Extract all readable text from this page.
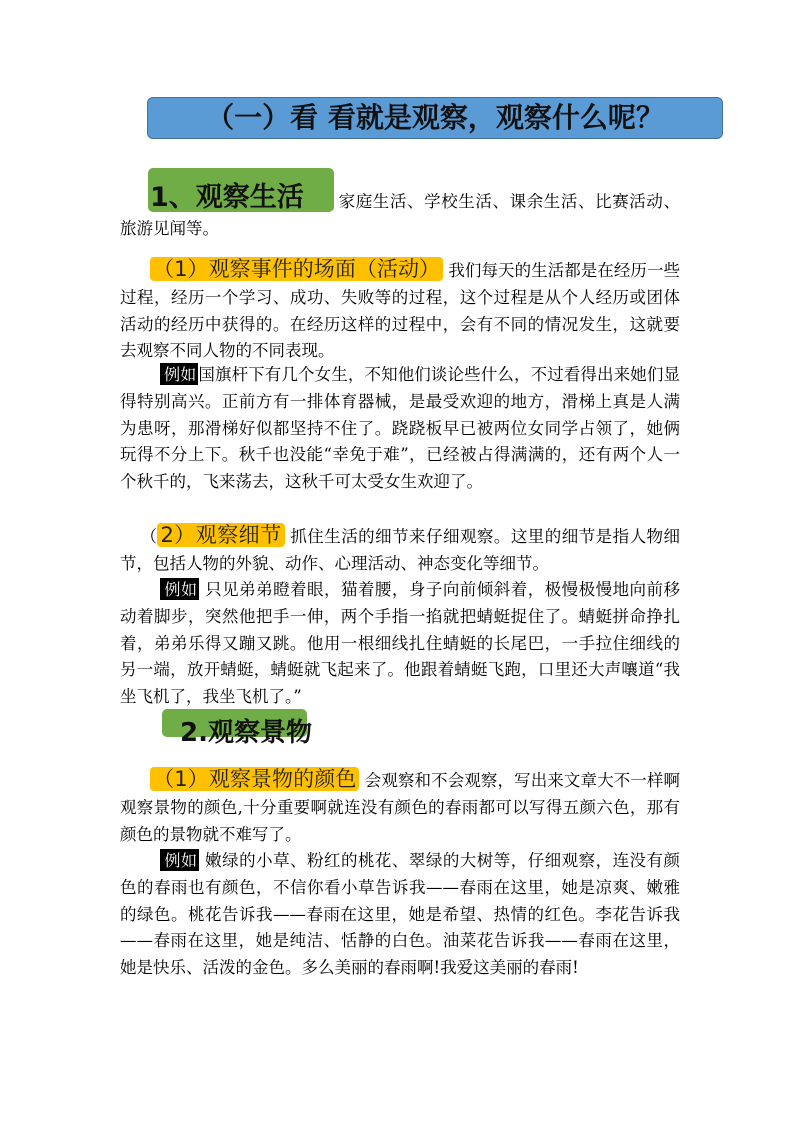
（一）看 看就是观察，观察什么呢？
1、观察生活	家庭生活、学校生活、课余生活、比赛活动、旅游见闻等。
（1）观察事件的场面（活动） 我们每天的生活都是在经历一些过程，经历一个学习、成功、失败等的过程，这个过程是从个人经历或团体活动的经历中获得的。在经历这样的过程中，会有不同的情况发生，这就要去观察不同人物的不同表现。
例如 国旗杆下有几个女生，不知他们谈论些什么，不过看得出来她们显得特别高兴。正前方有一排体育器械，是最受欢迎的地方，滑梯上真是人满为患呀，那滑梯好似都坚持不住了。跷跷板早已被两位女同学占领了，她俩玩得不分上下。秋千也没能“幸免于难”，已经被占得满满的，还有两个人一个秋千的，飞来荡去，这秋千可太受女生欢迎了。
（ 2）观察细节 抓住生活的细节来仔细观察。这里的细节是指人物细节，包括人物的外貌、动作、心理活动、神态变化等细节。
例如 只见弟弟瞪着眼，猫着腰，身子向前倾斜着，极慢极慢地向前移动着脚步，突然他把手一伸，两个手指一掐就把蜻蜓捉住了。蜻蜓拼命挣扎着，弟弟乐得又蹦又跳。他用一根细线扎住蜻蜓的长尾巴，一手拉住细线的另一端，放开蜻蜓，蜻蜓就飞起来了。他跟着蜻蜓飞跑，口里还大声嚷道“我坐飞机了，我坐飞机了。”
2.观察景物
（1）观察景物的颜色 会观察和不会观察，写出来文章大不一样啊观察景物的颜色,十分重要啊就连没有颜色的春雨都可以写得五颜六色，那有颜色的景物就不难写了。
例如 嫩绿的小草、粉红的桃花、翠绿的大树等，仔细观察，连没有颜色的春雨也有颜色，不信你看小草告诉我——春雨在这里，她是凉爽、嫩雅的绿色。桃花告诉我——春雨在这里，她是希望、热情的红色。李花告诉我——春雨在这里，她是纯洁、恬静的白色。油菜花告诉我——春雨在这里，她是快乐、活泼的金色。多么美丽的春雨啊!我爱这美丽的春雨!
